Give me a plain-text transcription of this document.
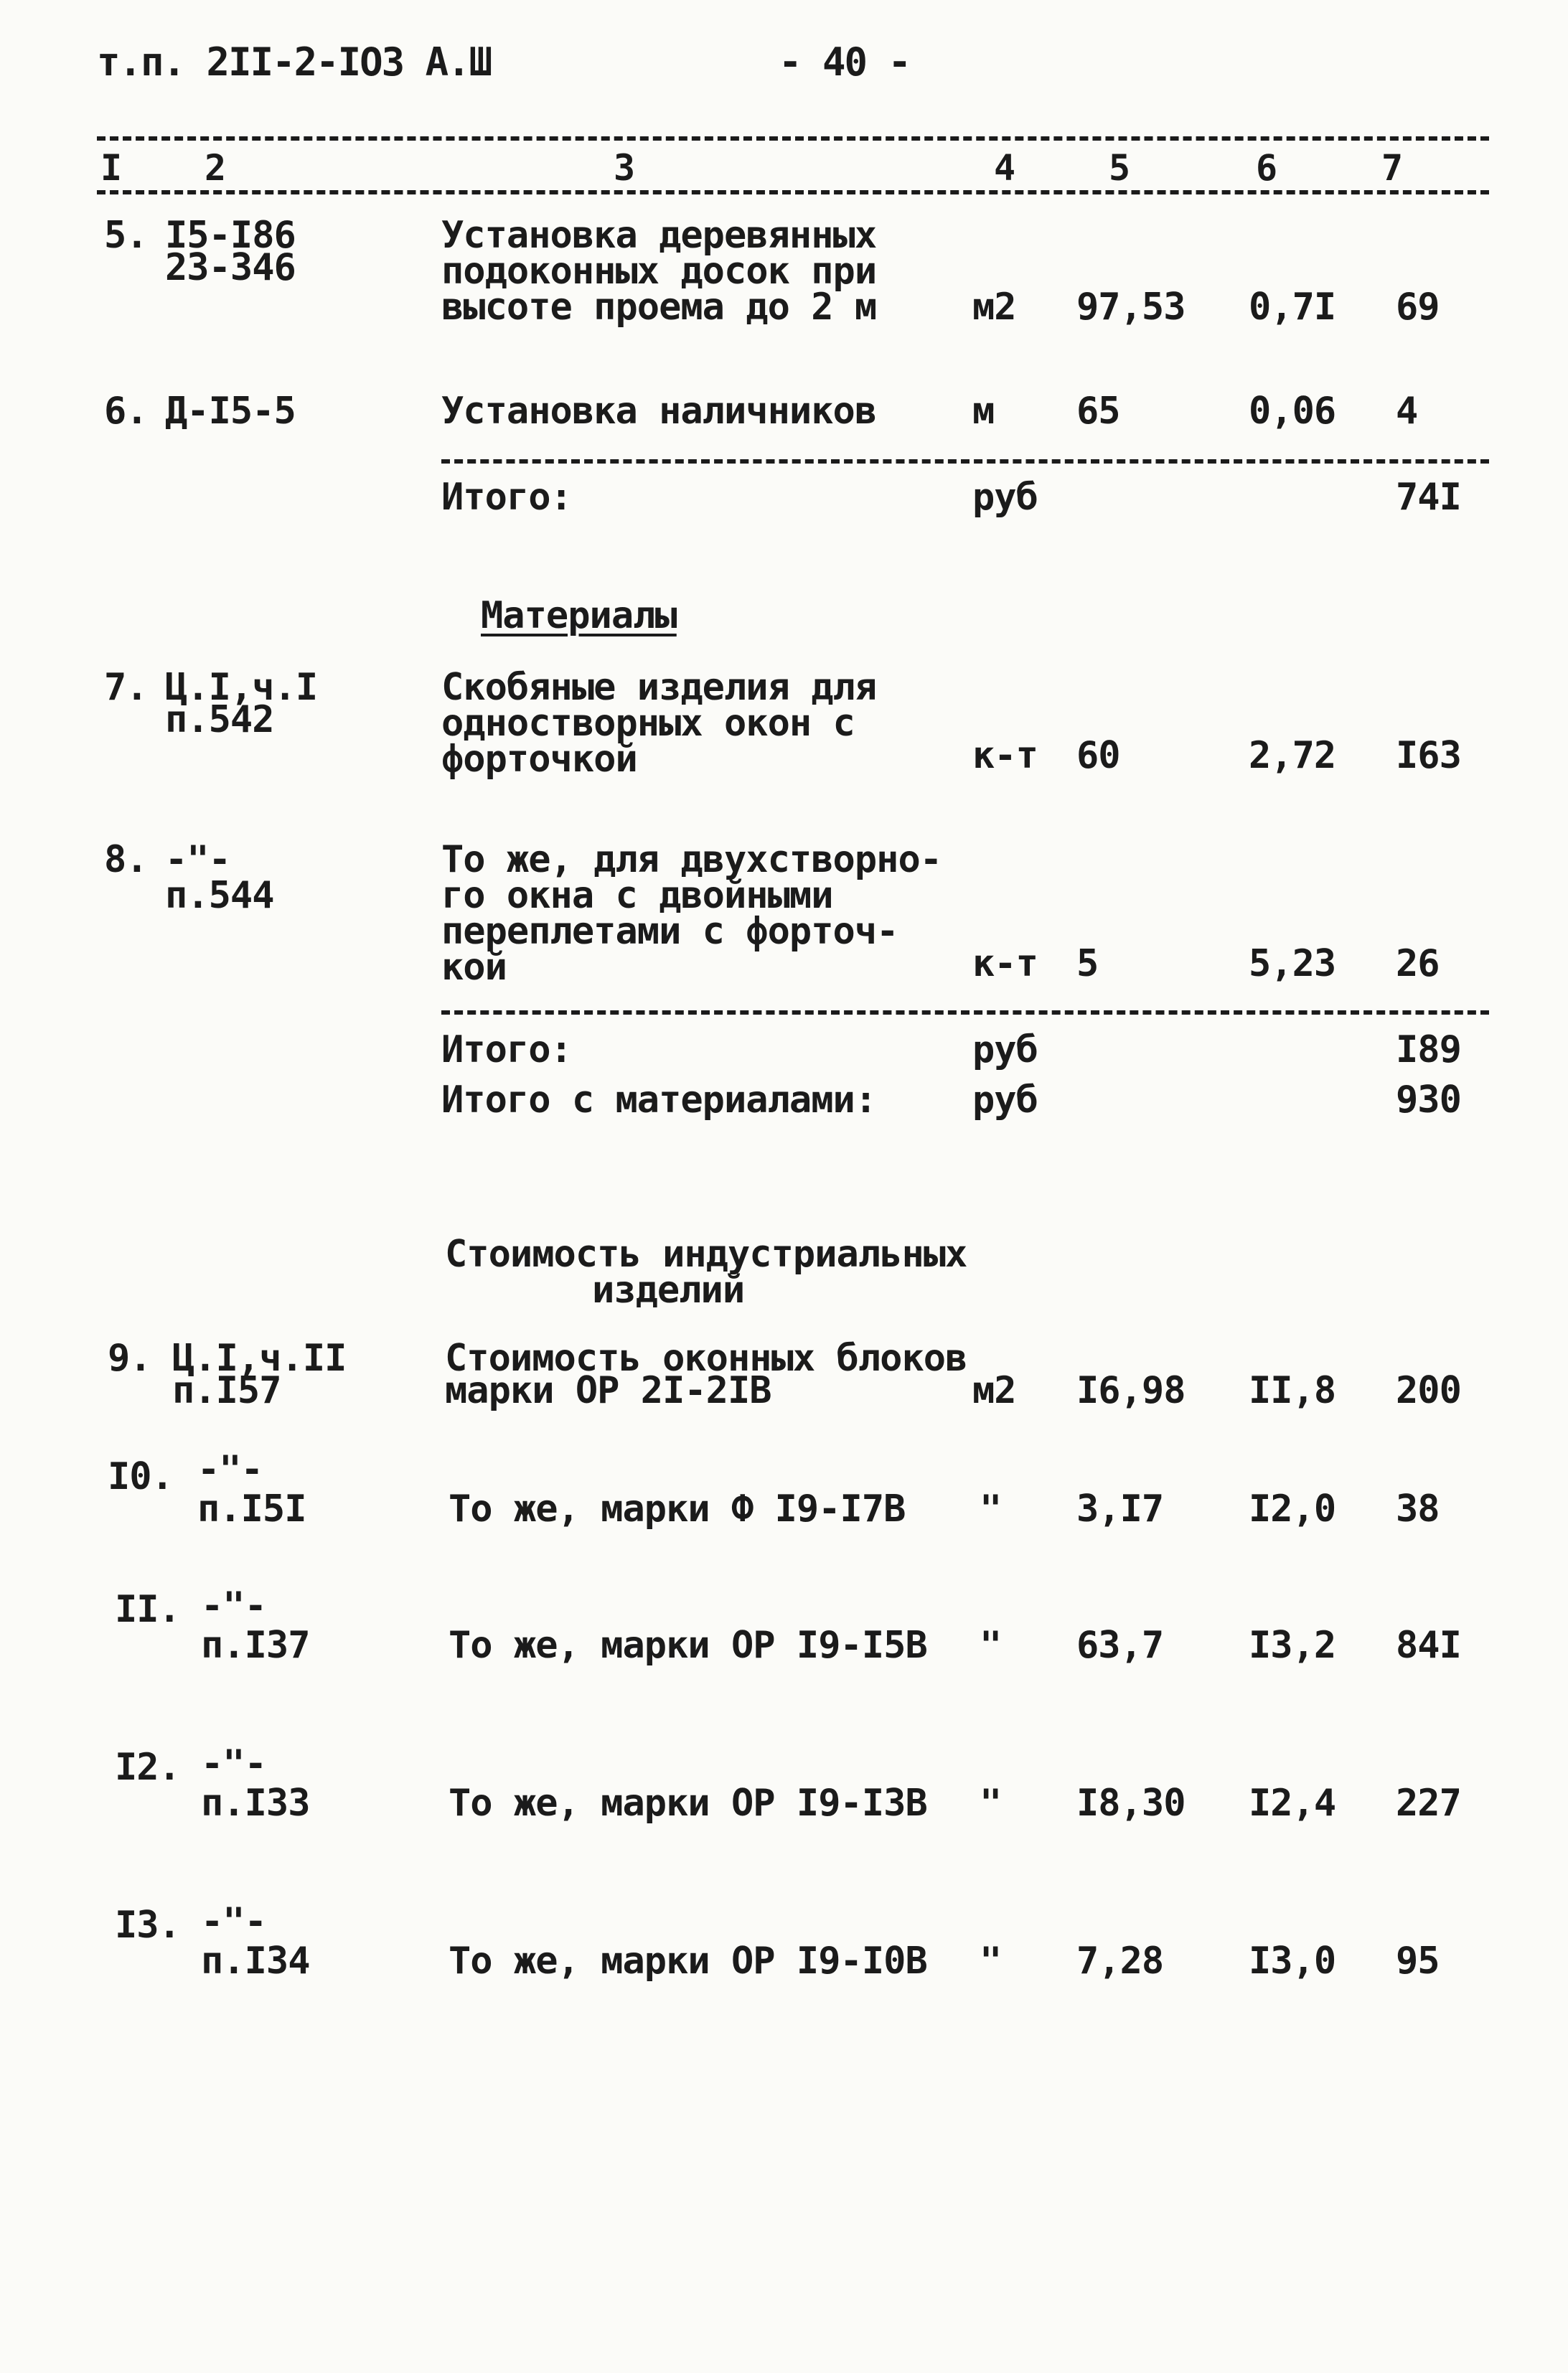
т.п. 2II-2-IO3 А.Ш	- 40 -
I 2	3	4	5	6	7
5. I5-I86
23-346
Установка деревянных
подоконных досок при
высоте проема до 2 м	м2 97,53 0,7I 69
6. Д-I5-5	Установка наличников	м 65	0,06 4
Итого:	руб	74I
Материалы
7. Ц.I,ч.I
п.542
Скобяные изделия для
одностворных окон с
форточкой	к-т 60	2,72 I63
8. -"-
п.544
То же, для двухстворно-
го окна с двойными
переплетами с форточ-
кой	к-т 5	5,23 26
Итого:	руб	I89
Итого с материалами:	руб	930
Стоимость индустриальных
изделий
9. Ц.I,ч.II
п.I57
Стоимость оконных блоков
марки ОР 2I-2IВ	м2 I6,98 II,8 200
I0. -"-
п.I5I	То же, марки Ф I9-I7В " 3,I7 I2,0 38
II. -"-
п.I37	То же, марки ОР I9-I5В " 63,7 I3,2 84I
I2. -"-
п.I33	То же, марки ОР I9-I3В " I8,30 I2,4 227
I3. -"-
п.I34	То же, марки ОР I9-I0В " 7,28 I3,0 95
